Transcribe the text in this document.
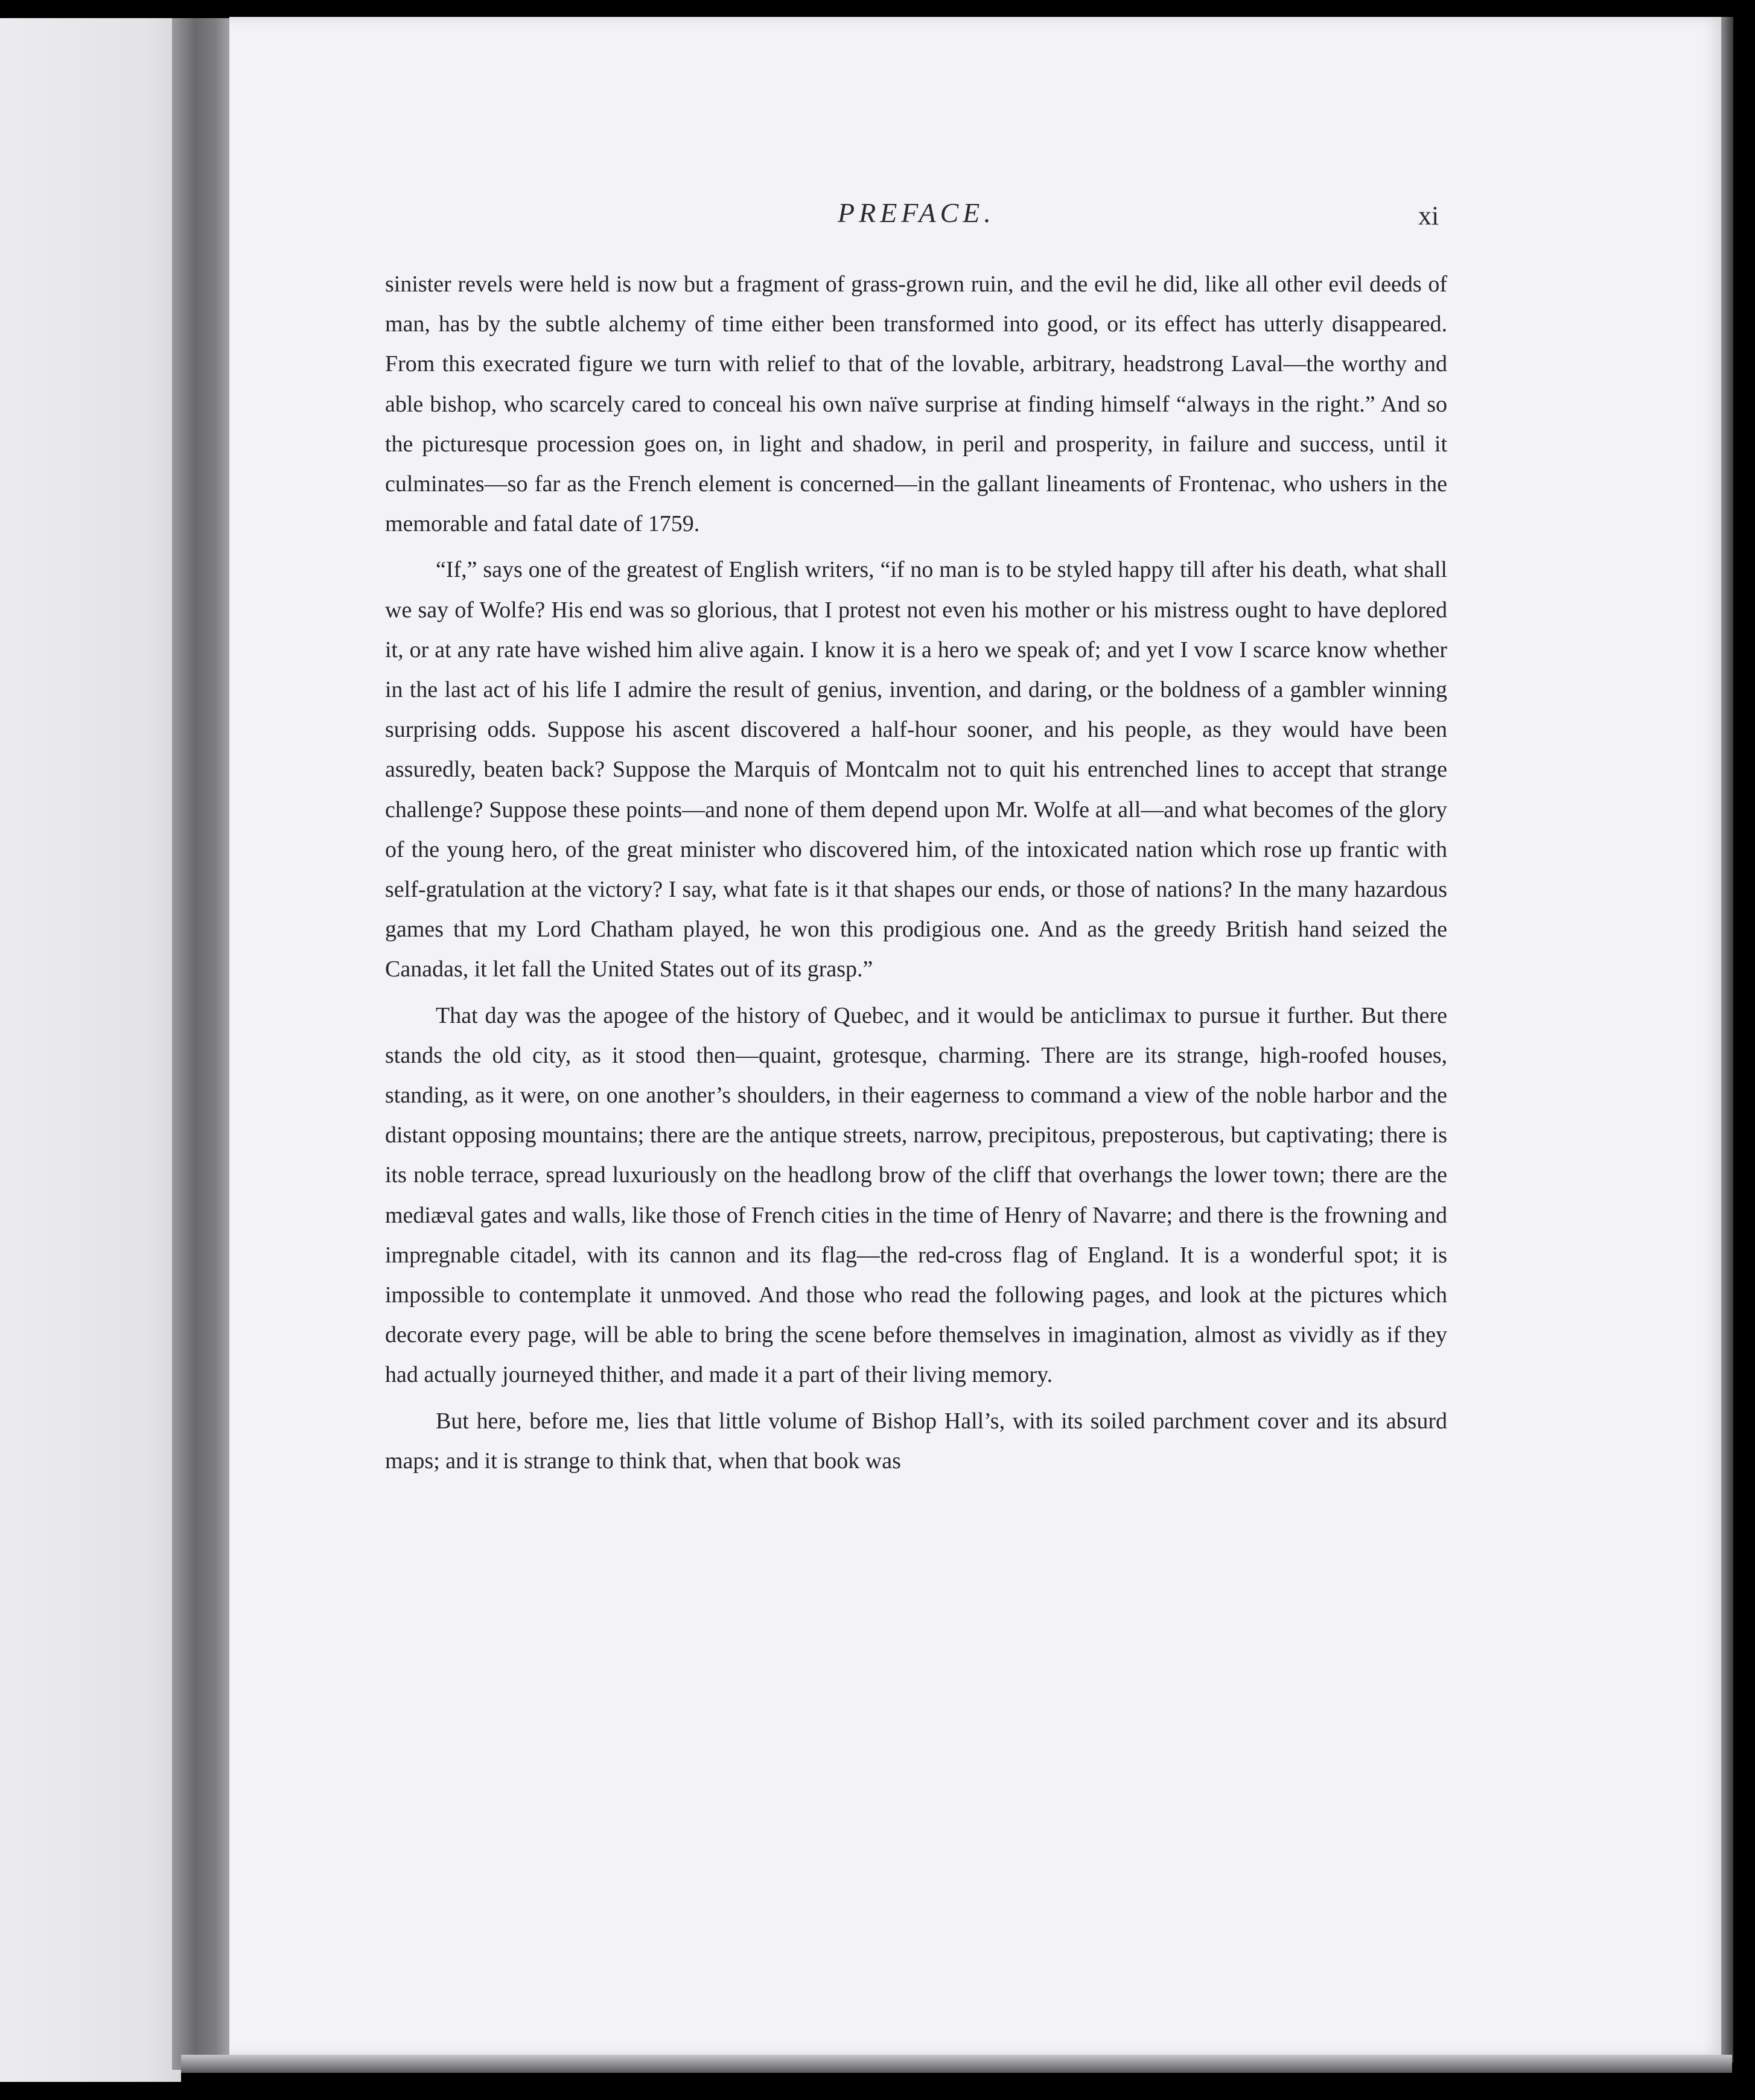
PREFACE.	xi

sinister revels were held is now but a fragment of grass-grown ruin, and the evil he did, like all other evil deeds of man, has by the subtle alchemy of time either been transformed into good, or its effect has utterly disappeared. From this execrated figure we turn with relief to that of the lovable, arbitrary, headstrong Laval—the worthy and able bishop, who scarcely cared to conceal his own naïve surprise at finding himself “always in the right.” And so the picturesque procession goes on, in light and shadow, in peril and prosperity, in failure and success, until it culminates—so far as the French element is concerned—in the gallant lineaments of Frontenac, who ushers in the memorable and fatal date of 1759.

“If,” says one of the greatest of English writers, “if no man is to be styled happy till after his death, what shall we say of Wolfe? His end was so glorious, that I protest not even his mother or his mistress ought to have deplored it, or at any rate have wished him alive again. I know it is a hero we speak of; and yet I vow I scarce know whether in the last act of his life I admire the result of genius, invention, and daring, or the boldness of a gambler winning surprising odds. Suppose his ascent discovered a half-hour sooner, and his people, as they would have been assuredly, beaten back? Suppose the Marquis of Montcalm not to quit his entrenched lines to accept that strange challenge? Suppose these points—and none of them depend upon Mr. Wolfe at all—and what becomes of the glory of the young hero, of the great minister who discovered him, of the intoxicated nation which rose up frantic with self-gratulation at the victory? I say, what fate is it that shapes our ends, or those of nations? In the many hazardous games that my Lord Chatham played, he won this prodigious one. And as the greedy British hand seized the Canadas, it let fall the United States out of its grasp.”

That day was the apogee of the history of Quebec, and it would be anticlimax to pursue it further. But there stands the old city, as it stood then—quaint, grotesque, charming. There are its strange, high-roofed houses, standing, as it were, on one another’s shoulders, in their eagerness to command a view of the noble harbor and the distant opposing mountains; there are the antique streets, narrow, precipitous, preposterous, but captivating; there is its noble terrace, spread luxuriously on the headlong brow of the cliff that overhangs the lower town; there are the mediæval gates and walls, like those of French cities in the time of Henry of Navarre; and there is the frowning and impregnable citadel, with its cannon and its flag—the red-cross flag of England. It is a wonderful spot; it is impossible to contemplate it unmoved. And those who read the following pages, and look at the pictures which decorate every page, will be able to bring the scene before themselves in imagination, almost as vividly as if they had actually journeyed thither, and made it a part of their living memory.

But here, before me, lies that little volume of Bishop Hall’s, with its soiled parchment cover and its absurd maps; and it is strange to think that, when that book was
